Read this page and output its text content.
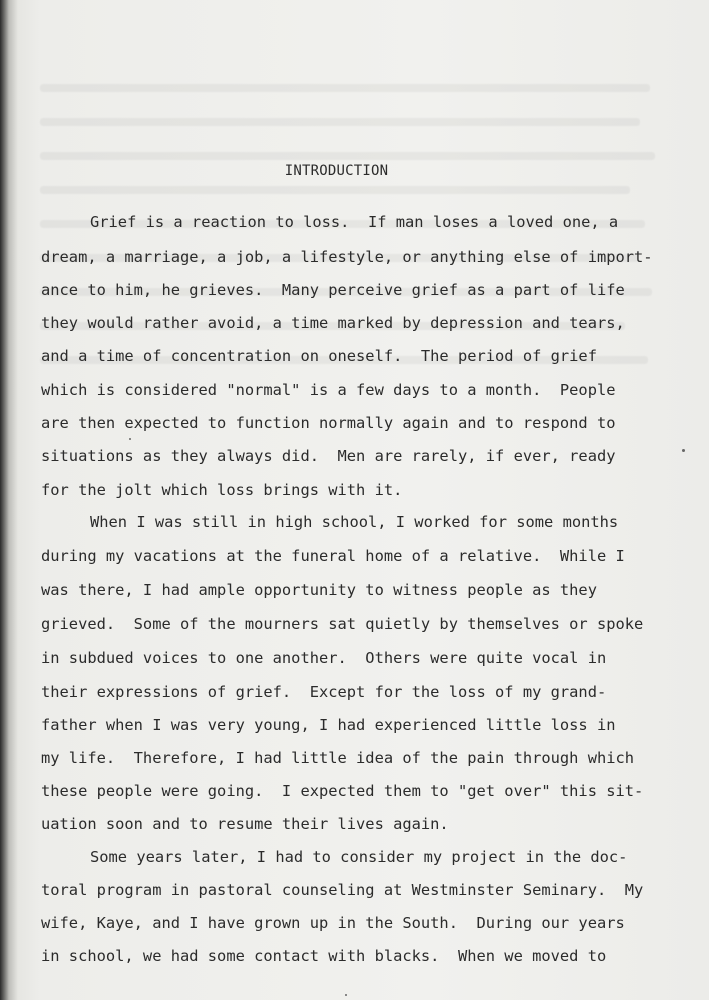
INTRODUCTION
Grief is a reaction to loss.  If man loses a loved one, a
dream, a marriage, a job, a lifestyle, or anything else of import-
ance to him, he grieves.  Many perceive grief as a part of life
they would rather avoid, a time marked by depression and tears,
and a time of concentration on oneself.  The period of grief
which is considered "normal" is a few days to a month.  People
are then expected to function normally again and to respond to
situations as they always did.  Men are rarely, if ever, ready
for the jolt which loss brings with it.
When I was still in high school, I worked for some months
during my vacations at the funeral home of a relative.  While I
was there, I had ample opportunity to witness people as they
grieved.  Some of the mourners sat quietly by themselves or spoke
in subdued voices to one another.  Others were quite vocal in
their expressions of grief.  Except for the loss of my grand-
father when I was very young, I had experienced little loss in
my life.  Therefore, I had little idea of the pain through which
these people were going.  I expected them to "get over" this sit-
uation soon and to resume their lives again.
Some years later, I had to consider my project in the doc-
toral program in pastoral counseling at Westminster Seminary.  My
wife, Kaye, and I have grown up in the South.  During our years
in school, we had some contact with blacks.  When we moved to
